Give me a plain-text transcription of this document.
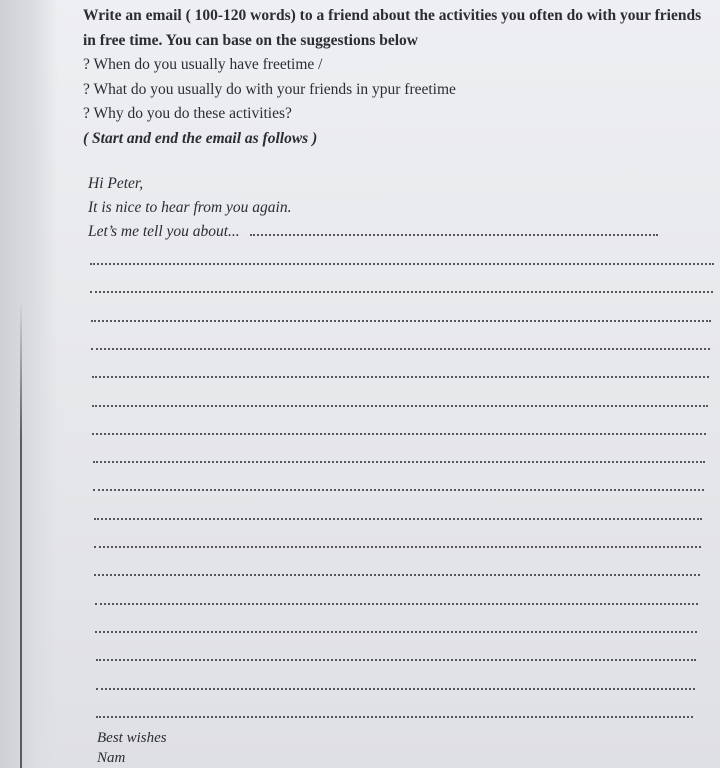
Write an email ( 100-120 words) to a friend about the activities you often do with your friends in free time. You can base on the suggestions below
? When do you usually have freetime /
? What do you usually do with your friends in ypur freetime
? Why do you do these activities?
( Start and end the email as follows )
Hi Peter,
It is nice to hear from you again.
Let’s me tell you about...
Best wishes
Nam
